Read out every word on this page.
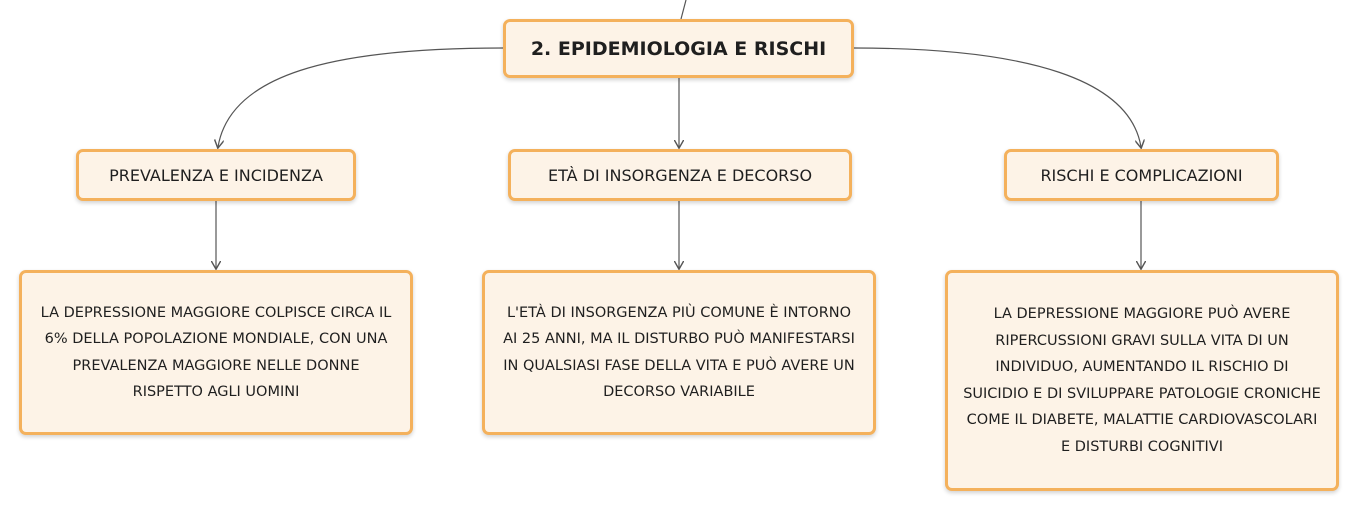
2. EPIDEMIOLOGIA E RISCHI
PREVALENZA E INCIDENZA	ETÀ DI INSORGENZA E DECORSO	RISCHI E COMPLICAZIONI
LA DEPRESSIONE MAGGIORE COLPISCE CIRCA IL 6% DELLA POPOLAZIONE MONDIALE, CON UNA PREVALENZA MAGGIORE NELLE DONNE RISPETTO AGLI UOMINI
L'ETÀ DI INSORGENZA PIÙ COMUNE È INTORNO AI 25 ANNI, MA IL DISTURBO PUÒ MANIFESTARSI IN QUALSIASI FASE DELLA VITA E PUÒ AVERE UN DECORSO VARIABILE
LA DEPRESSIONE MAGGIORE PUÒ AVERE RIPERCUSSIONI GRAVI SULLA VITA DI UN INDIVIDUO, AUMENTANDO IL RISCHIO DI SUICIDIO E DI SVILUPPARE PATOLOGIE CRONICHE COME IL DIABETE, MALATTIE CARDIOVASCOLARI E DISTURBI COGNITIVI
